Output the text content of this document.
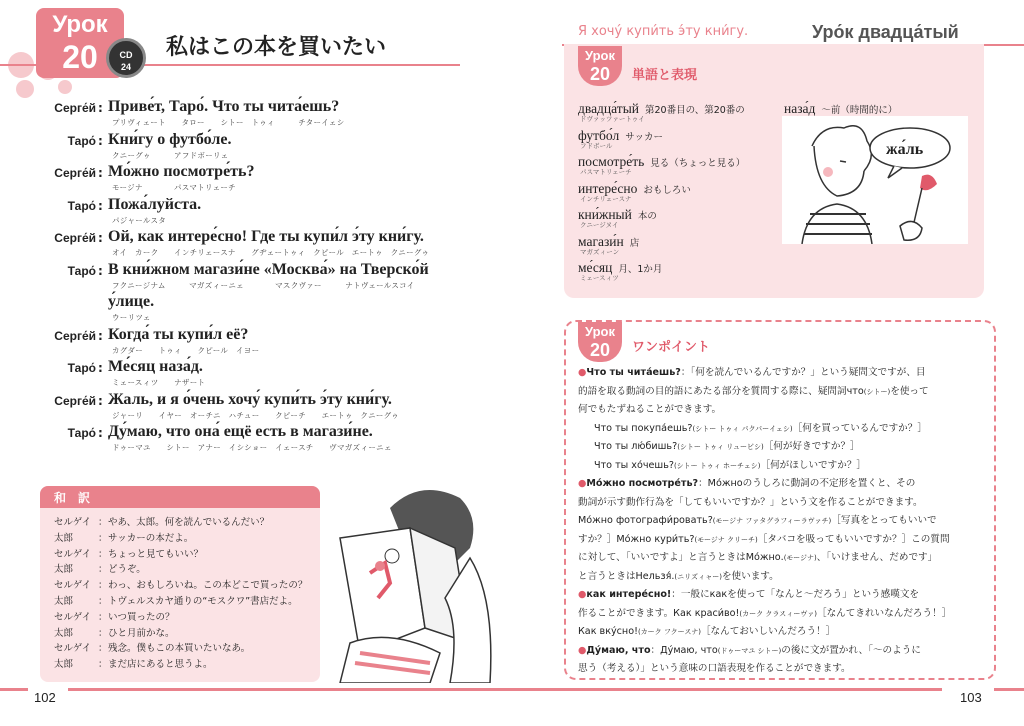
Урок
20	CD
24
私はこの本を買いたい
Серге́й : Приве́т, Таро́. Что ты чита́ешь?
プリヴィェート　　タロー　　シトー　トゥィ　　　チターイェシ
Таро́ : Кни́гу о футбо́ле.
クニーグゥ　　　アフドボーリェ
Серге́й : Мо́жно посмотре́ть?
モージナ　　　　パスマトリェーチ
Таро́ : Пожа́луйста.
パジャールスタ
Серге́й : Ой, как интере́сно! Где ты купи́л э́ту кни́гу.
オイ　カーク　　インチリェースナ　　グヂェートゥィ　クピール　エートゥ　クニーグゥ
Таро́ : В кни́жном магази́не «Москва́» на Тверско́й
フクニージナム　　　マガズィーニェ　　　　マスクヴァー　　　ナトヴェールスコイ
у́лице.
ウーリツェ
Серге́й : Когда́ ты купи́л её?
カグダー　　トゥィ　　クピール　イヨー
Таро́ : Ме́сяц наза́д.
ミェースィツ　　ナザート
Серге́й : Жаль, и я о́чень хочу́ купи́ть э́ту кни́гу.
ジャーリ　　イヤー　オーチニ　ハチュー　　クピーチ　　エートゥ　クニーグゥ
Таро́ : Ду́маю, что она́ ещё есть в магази́не.
ドゥーマユ　　シトー　アナー　イシショー　イェースチ　　ヴマガズィーニェ
和　訳
セルゲイ ：やあ、太郎。何を読んでいるんだい？
太郎	：サッカーの本だよ。
セルゲイ ：ちょっと見てもいい？
太郎	：どうぞ。
セルゲイ ：わっ、おもしろいね。この本どこで買ったの？
太郎	：トヴェルスカヤ通りの“モスクワ”書店だよ。
セルゲイ ：いつ買ったの？
太郎	：ひと月前かな。
セルゲイ ：残念。僕もこの本買いたいなあ。
太郎	：まだ店にあると思うよ。
102
Я хочу́ купи́ть э́ту кни́гу.	Уро́к двадца́тый
Урок
20	単語と表現
двадца́тый 第20番目の、第20番の
ドヴァッツァートゥイ
футбо́л サッカー
フドボール
посмотре́ть 見る（ちょっと見る）
パスマトリェーチ
интере́сно おもしろい
インチリェースナ
кни́жный 本の
クニージヌイ
магази́н 店
マガズィーン
ме́сяц 月、1か月
ミェースィツ
наза́д ～前（時間的に）
ナザート
жаль
ジャーリ	жа́ль
Урок
20	ワンポイント

●Что ты чита́ешь?：「何を読んでいるんですか？」という疑問文ですが、目

的語を取る動詞の目的語にあたる部分を質問する際に、疑問詞что(シトー)を使って

何でもたずねることができます。

Что ты покупа́ешь?(シトー トゥィ パクパーイェシ)［何を買っているんですか？］

Что ты лю́бишь?(シトー トゥィ リュービシ)［何が好きですか？］

Что ты хо́чешь?(シトー トゥィ ホーチェシ)［何がほしいですか？］

●Мо́жно посмотре́ть?：Мо́жноのうしろに動詞の不定形を置くと、その

動詞が示す動作行為を「してもいいですか？」という文を作ることができます。

Мо́жно фотографи́ровать?(モージナ ファタグラフィーラヴァチ)［写真をとってもいいで

すか？］Мо́жно кури́ть?(モージナ クリーチ)［タバコを吸ってもいいですか？］この質問

に対して、「いいですよ」と言うときはМо́жно.(モージナ)、「いけません、だめです」

と言うときはНельзя́.(ニリズィャー)を使います。

●как интере́сно!：一般にкакを使って「なんと～だろう」という感嘆文を

作ることができます。Как краси́во!(カーク クラスィーヴァ)［なんてきれいなんだろう！］

Как вку́сно!(カーク フクースナ)［なんておいしいんだろう！］

●Ду́маю, что：Ду́маю, что(ドゥーマユ シトー)の後に文が置かれ、「～のように

思う（考える）」という意味の口語表現を作ることができます。

103
